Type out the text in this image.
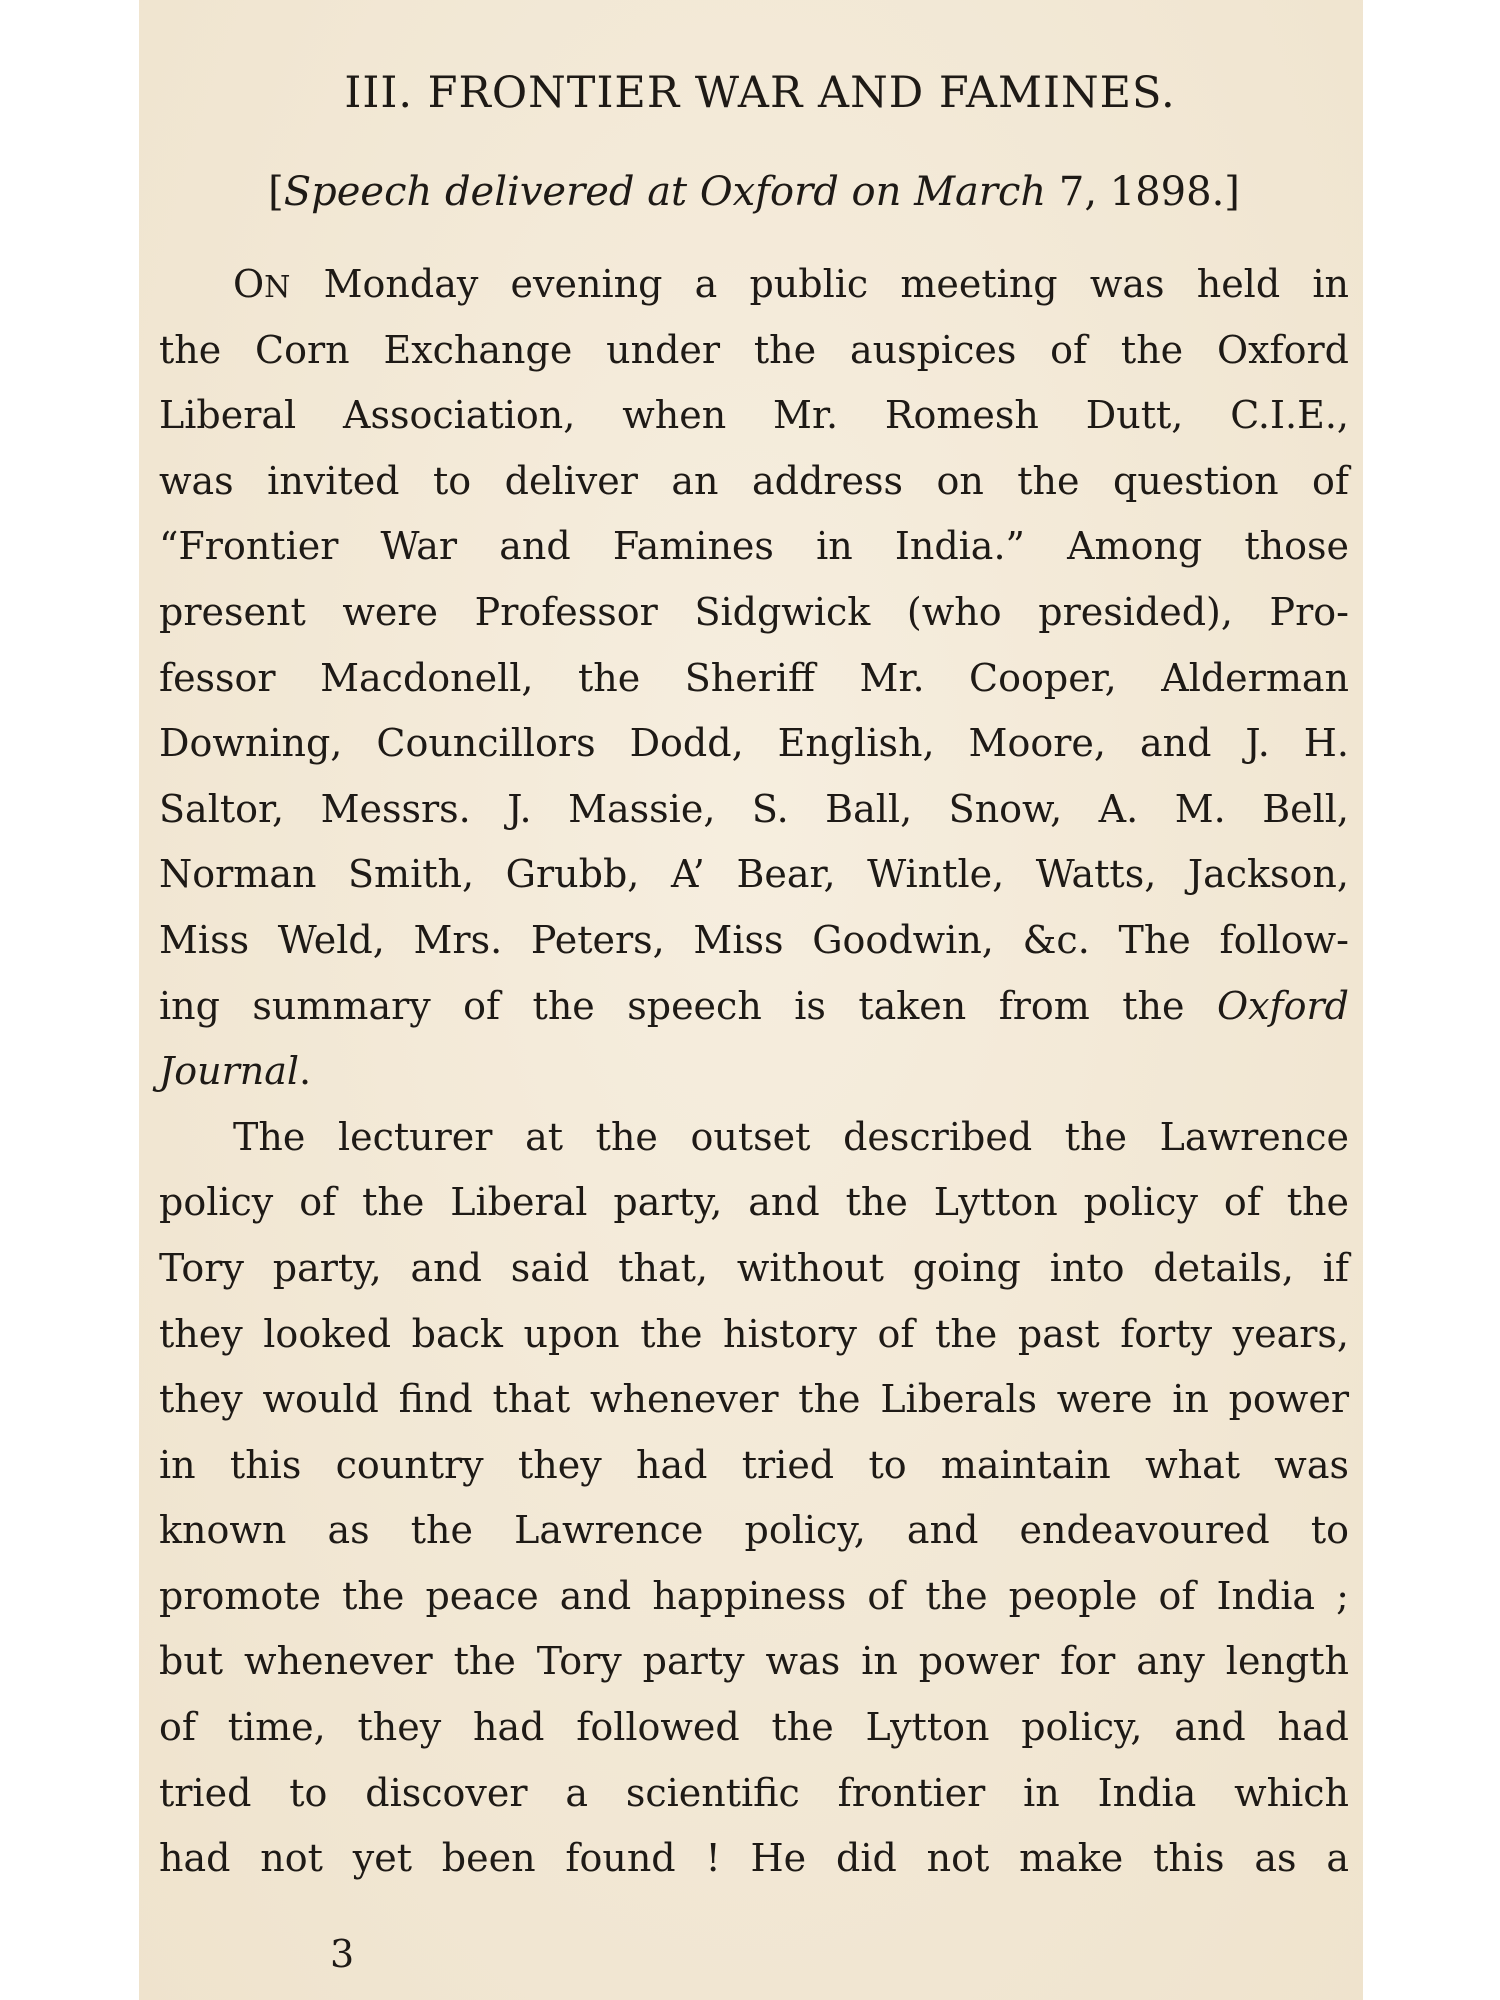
III. FRONTIER WAR AND FAMINES.
[Speech delivered at Oxford on March 7, 1898.]
ON Monday evening a public meeting was held in
the Corn Exchange under the auspices of the Oxford
Liberal Association, when Mr. Romesh Dutt, C.I.E.,
was invited to deliver an address on the question of
“Frontier War and Famines in India.” Among those
present were Professor Sidgwick (who presided), Pro-
fessor Macdonell, the Sheriff Mr. Cooper, Alderman
Downing, Councillors Dodd, English, Moore, and J. H.
Saltor, Messrs. J. Massie, S. Ball, Snow, A. M. Bell,
Norman Smith, Grubb, A’ Bear, Wintle, Watts, Jackson,
Miss Weld, Mrs. Peters, Miss Goodwin, &c. The follow-
ing summary of the speech is taken from the Oxford
Journal.
The lecturer at the outset described the Lawrence
policy of the Liberal party, and the Lytton policy of the
Tory party, and said that, without going into details, if
they looked back upon the history of the past forty years,
they would find that whenever the Liberals were in power
in this country they had tried to maintain what was
known as the Lawrence policy, and endeavoured to
promote the peace and happiness of the people of India ;
but whenever the Tory party was in power for any length
of time, they had followed the Lytton policy, and had
tried to discover a scientific frontier in India which
had not yet been found ! He did not make this as a
3
